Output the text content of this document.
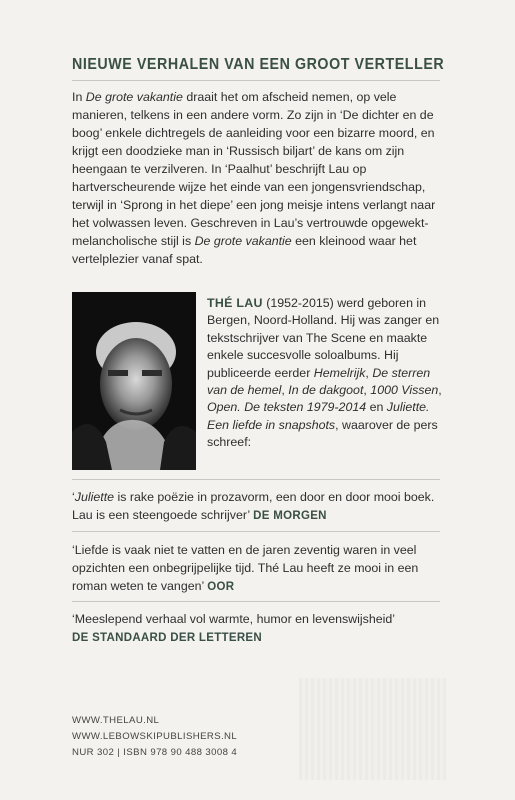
NIEUWE VERHALEN VAN EEN GROOT VERTELLER

In De grote vakantie draait het om afscheid nemen, op vele manieren, telkens in een andere vorm. Zo zijn in ‘De dichter en de boog’ enkele dichtregels de aanleiding voor een bizarre moord, en krijgt een doodzieke man in ‘Russisch biljart’ de kans om zijn heengaan te verzilveren. In ‘Paalhut’ beschrijft Lau op hartverscheurende wijze het einde van een jongensvriendschap, terwijl in ‘Sprong in het diepe’ een jong meisje intens verlangt naar het volwassen leven. Geschreven in Lau’s vertrouwde opgewekt-melancholische stijl is De grote vakantie een kleinood waar het vertelplezier vanaf spat.

THÉ LAU (1952-2015) werd geboren in Bergen, Noord-Holland. Hij was zanger en tekstschrijver van The Scene en maakte enkele succesvolle soloalbums. Hij publiceerde eerder Hemelrijk, De sterren van de hemel, In de dakgoot, 1000 Vissen, Open. De teksten 1979-2014 en Juliette. Een liefde in snapshots, waarover de pers schreef:

‘Juliette is rake poëzie in prozavorm, een door en door mooi boek. Lau is een steengoede schrijver’ DE MORGEN

‘Liefde is vaak niet te vatten en de jaren zeventig waren in veel opzichten een onbegrijpelijke tijd. Thé Lau heeft ze mooi in een roman weten te vangen’ OOR

‘Meeslepend verhaal vol warmte, humor en levenswijsheid’
DE STANDAARD DER LETTEREN

WWW.THELAU.NL
WWW.LEBOWSKIPUBLISHERS.NL
NUR 302 | ISBN 978 90 488 3008 4
